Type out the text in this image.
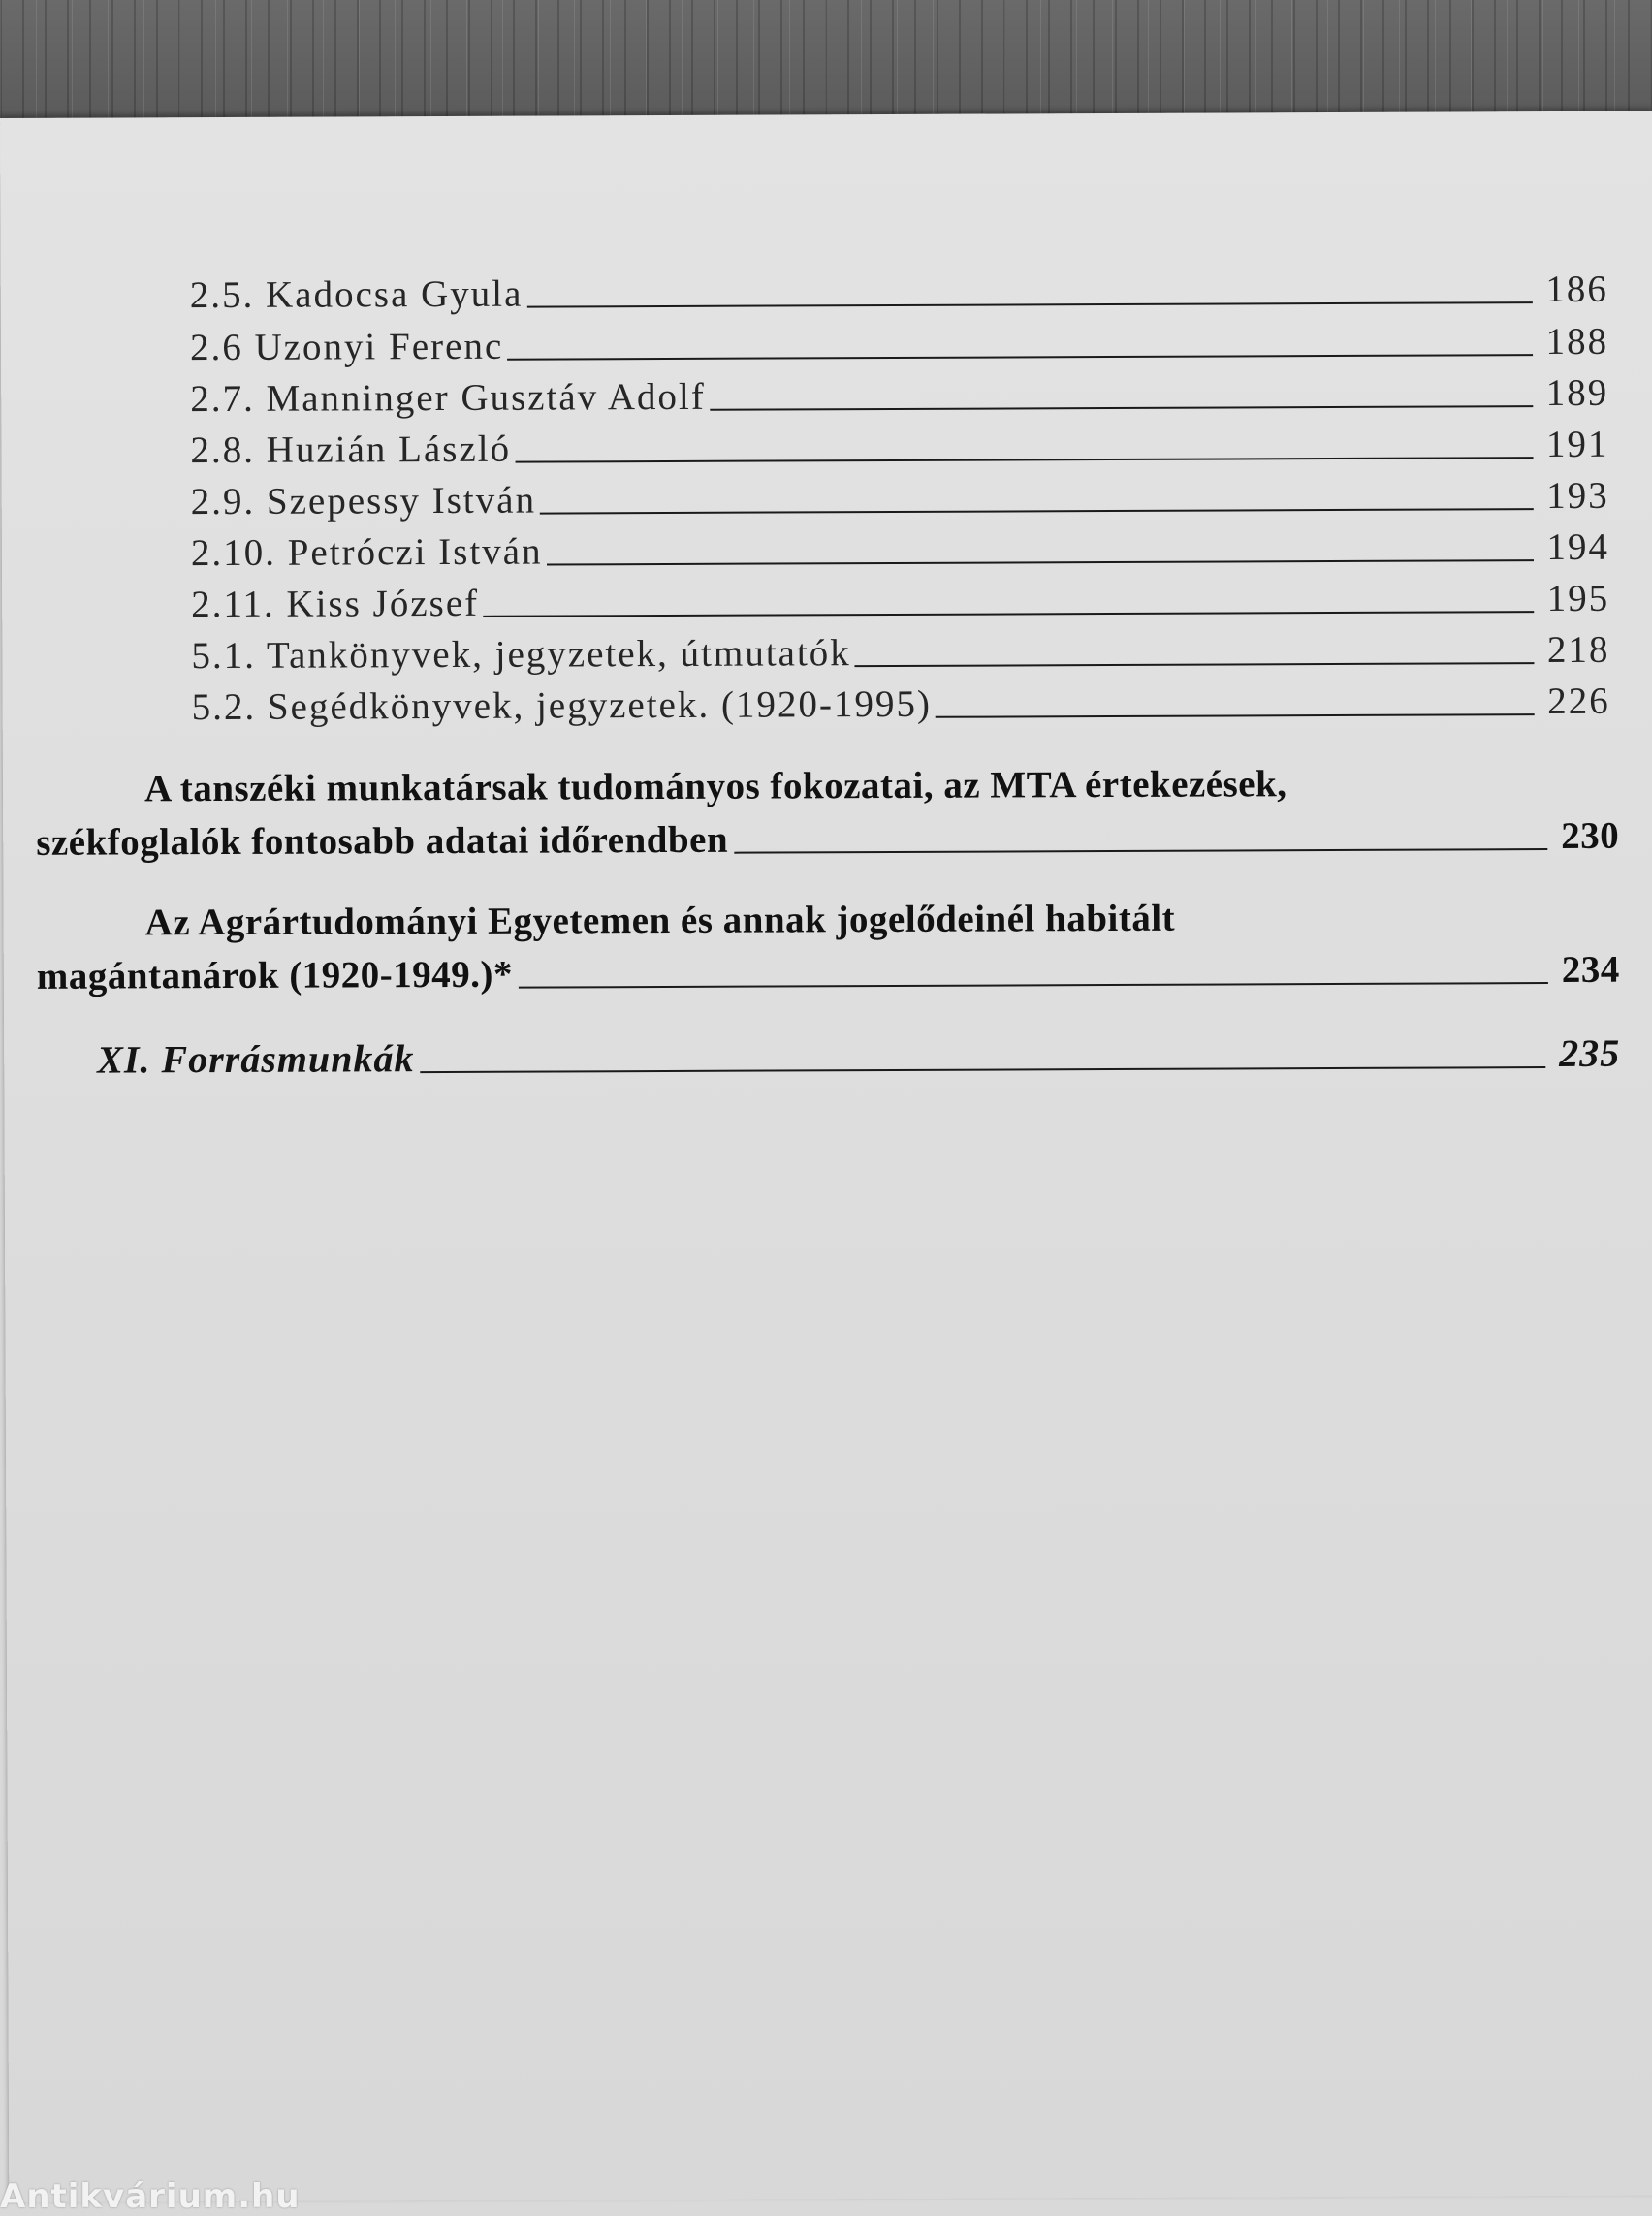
2.5. Kadocsa Gyula	186
2.6 Uzonyi Ferenc	188
2.7. Manninger Gusztáv Adolf	189
2.8. Huzián László	191
2.9. Szepessy István	193
2.10. Petróczi István	194
2.11. Kiss József	195
5.1. Tankönyvek, jegyzetek, útmutatók	218
5.2. Segédkönyvek, jegyzetek. (1920-1995)	226
A tanszéki munkatársak tudományos fokozatai, az MTA értekezések,
székfoglalók fontosabb adatai időrendben	230
Az Agrártudományi Egyetemen és annak jogelődeinél habitált
magántanárok (1920-1949.)*	234
XI. Forrásmunkák	235
Antikvárium.hu
